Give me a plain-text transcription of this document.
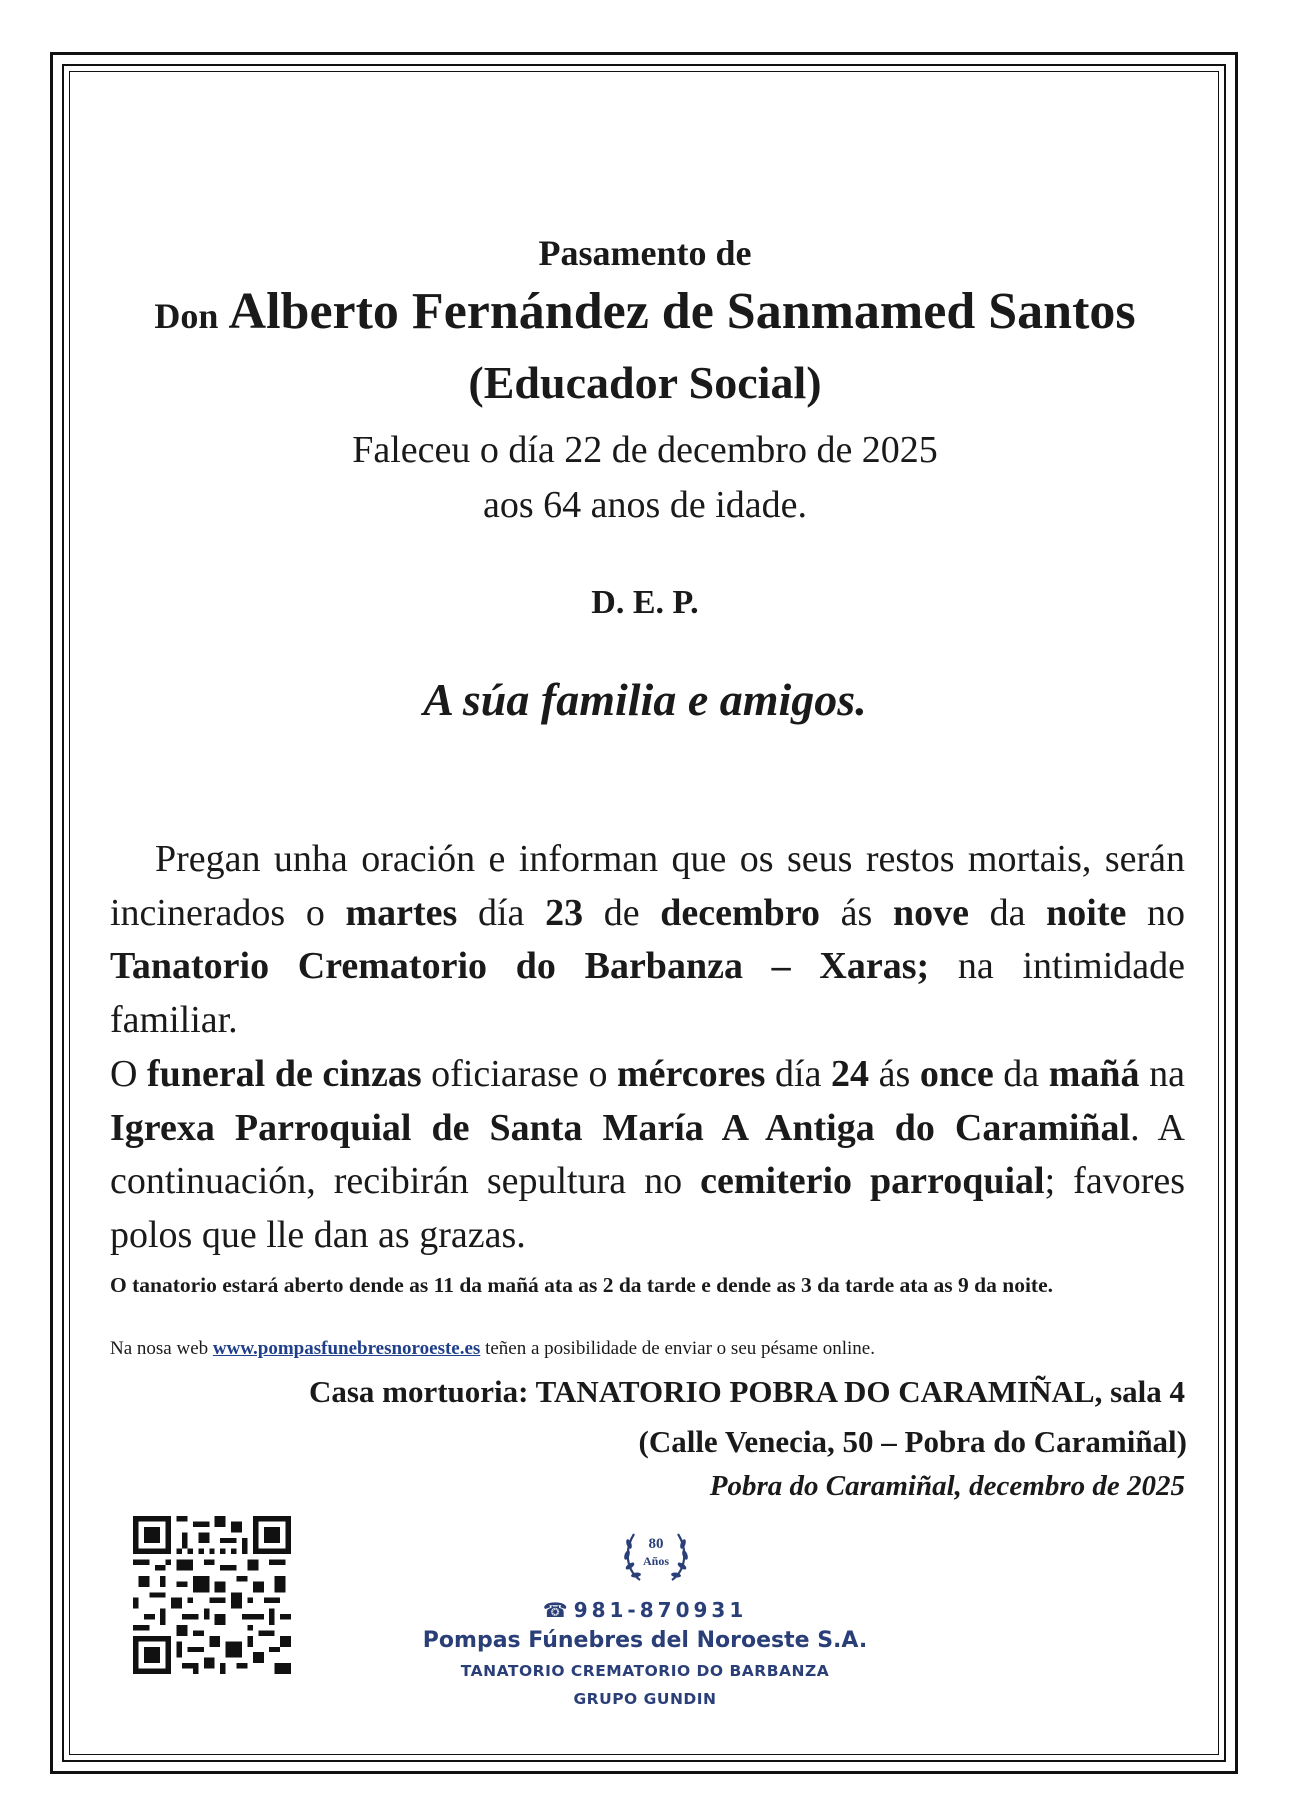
Pasamento de
Don Alberto Fernández de Sanmamed Santos
(Educador Social)
Faleceu o día 22 de decembro de 2025
aos 64 anos de idade.
D. E. P.
A súa familia e amigos.
Pregan unha oración e informan que os seus restos mortais, serán incinerados o martes día 23 de decembro ás nove da noite no Tanatorio Crematorio do Barbanza – Xaras; na intimidade familiar.
O funeral de cinzas oficiarase o mércores día 24 ás once da mañá na Igrexa Parroquial de Santa María A Antiga do Caramiñal. A continuación, recibirán sepultura no cemiterio parroquial; favores polos que lle dan as grazas.
O tanatorio estará aberto dende as 11 da mañá ata as 2 da tarde e dende as 3 da tarde ata as 9 da noite.
Na nosa web www.pompasfunebresnoroeste.es teñen a posibilidade de enviar o seu pésame online.
Casa mortuoria: TANATORIO POBRA DO CARAMIÑAL, sala 4
(Calle Venecia, 50 – Pobra do Caramiñal)
Pobra do Caramiñal, decembro de 2025
80
Años
☎ 981-870931
Pompas Fúnebres del Noroeste S.A.
TANATORIO CREMATORIO DO BARBANZA
GRUPO GUNDIN
